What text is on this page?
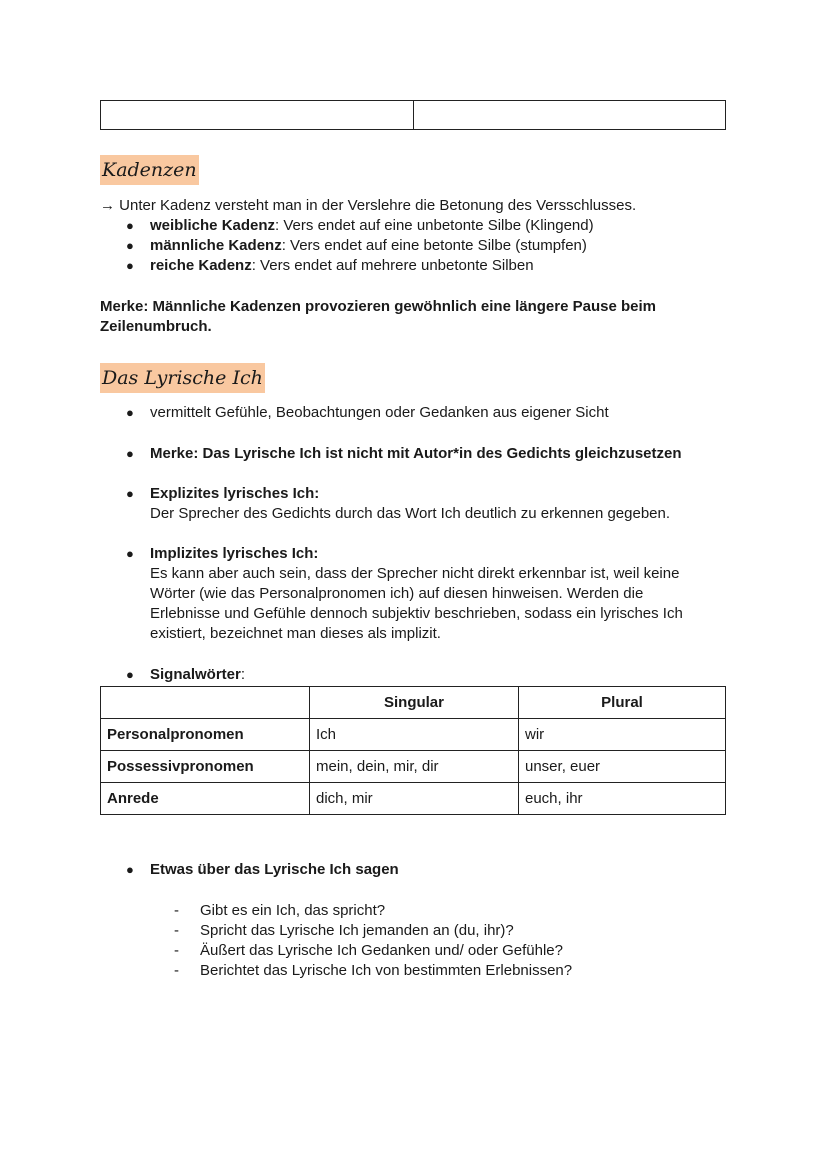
Kadenzen
→ Unter Kadenz versteht man in der Verslehre die Betonung des Versschlusses.
● weibliche Kadenz: Vers endet auf eine unbetonte Silbe (Klingend)
● männliche Kadenz: Vers endet auf eine betonte Silbe (stumpfen)
● reiche Kadenz: Vers endet auf mehrere unbetonte Silben
Merke: Männliche Kadenzen provozieren gewöhnlich eine längere Pause beim
Zeilenumbruch.
Das Lyrische Ich
● vermittelt Gefühle, Beobachtungen oder Gedanken aus eigener Sicht
● Merke: Das Lyrische Ich ist nicht mit Autor*in des Gedichts gleichzusetzen
● Explizites lyrisches Ich:
Der Sprecher des Gedichts durch das Wort Ich deutlich zu erkennen gegeben.
● Implizites lyrisches Ich:
Es kann aber auch sein, dass der Sprecher nicht direkt erkennbar ist, weil keine
Wörter (wie das Personalpronomen ich) auf diesen hinweisen. Werden die
Erlebnisse und Gefühle dennoch subjektiv beschrieben, sodass ein lyrisches Ich
existiert, bezeichnet man dieses als implizit.
● Signalwörter:
	Singular	Plural
Personalpronomen	Ich	wir
Possessivpronomen	mein, dein, mir, dir	unser, euer
Anrede	dich, mir	euch, ihr
● Etwas über das Lyrische Ich sagen
- Gibt es ein Ich, das spricht?
- Spricht das Lyrische Ich jemanden an (du, ihr)?
- Äußert das Lyrische Ich Gedanken und/ oder Gefühle?
- Berichtet das Lyrische Ich von bestimmten Erlebnissen?
